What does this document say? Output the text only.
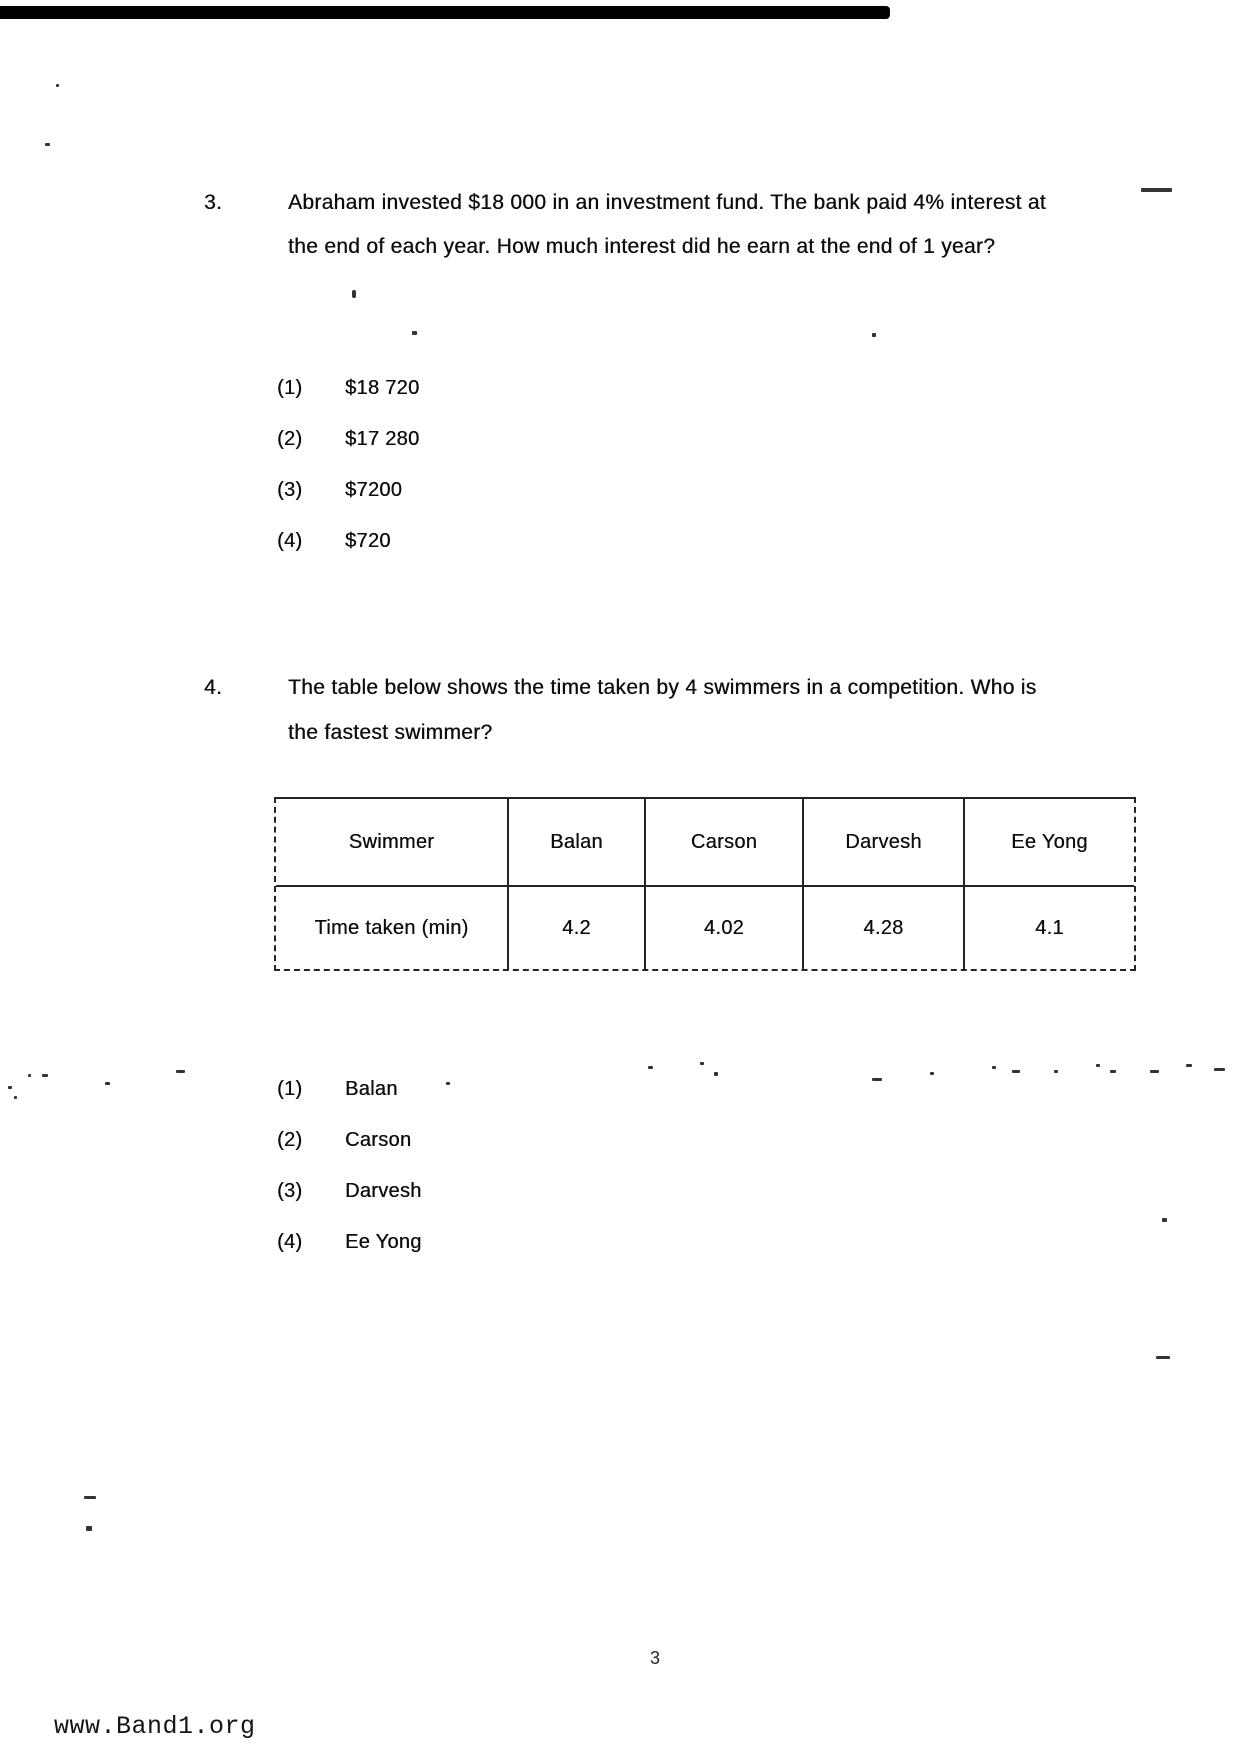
3.	Abraham invested $18 000 in an investment fund. The bank paid 4% interest at
the end of each year. How much interest did he earn at the end of 1 year?
(1) $18 720
(2) $17 280
(3) $7200
(4) $720
4.	The table below shows the time taken by 4 swimmers in a competition. Who is
the fastest swimmer?
Swimmer	Balan	Carson	Darvesh	Ee Yong
Time taken (min)	4.2	4.02	4.28	4.1
(1) Balan
(2) Carson
(3) Darvesh
(4) Ee Yong
3
www.Band1.org
